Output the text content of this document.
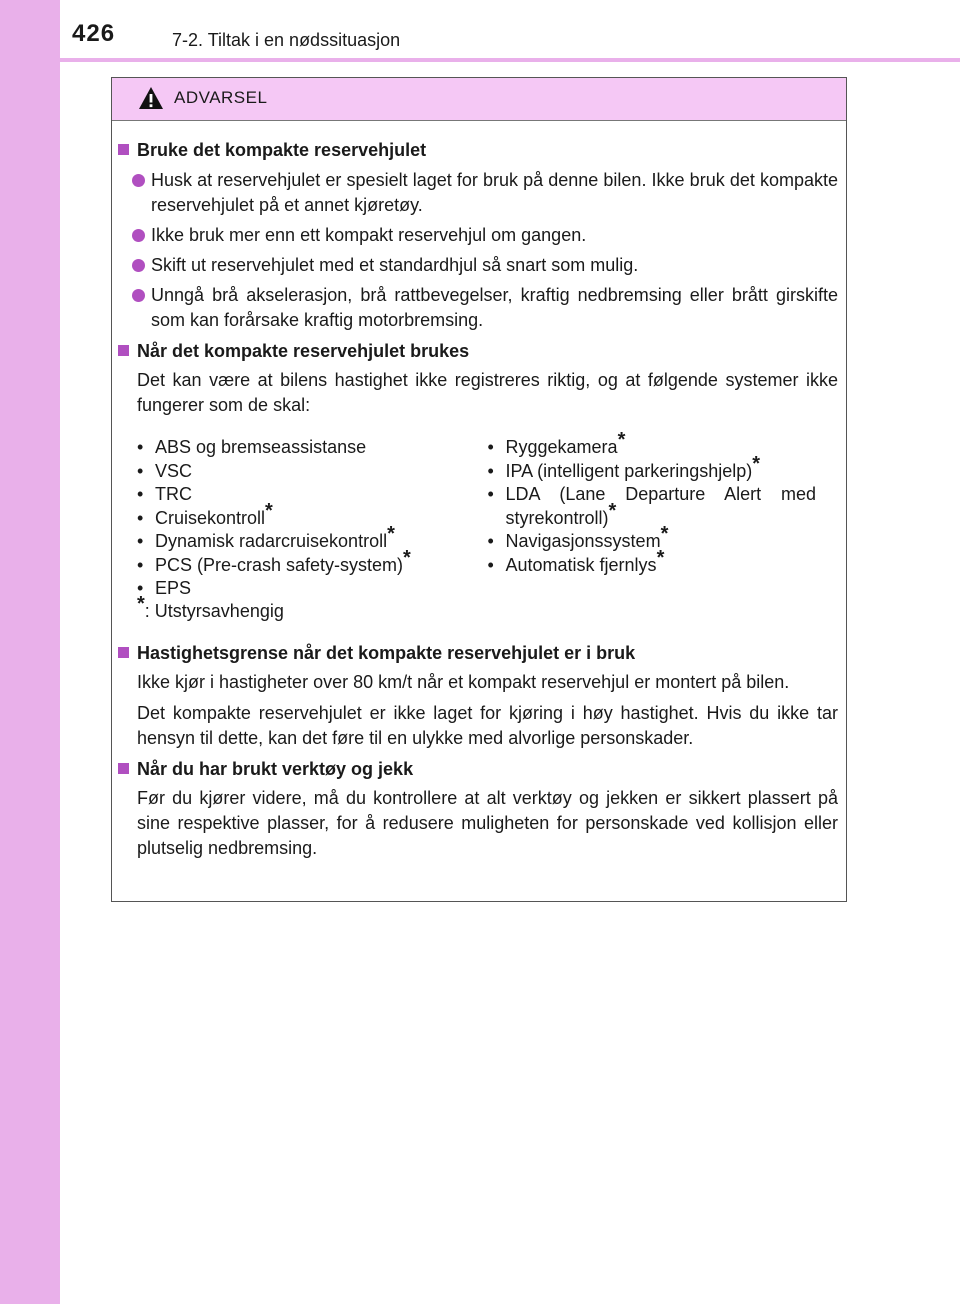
426	7-2. Tiltak i en nødssituasjon
ADVARSEL
Bruke det kompakte reservehjulet
Husk at reservehjulet er spesielt laget for bruk på denne bilen. Ikke bruk det kompakte reservehjulet på et annet kjøretøy.
Ikke bruk mer enn ett kompakt reservehjul om gangen.
Skift ut reservehjulet med et standardhjul så snart som mulig.
Unngå brå akselerasjon, brå rattbevegelser, kraftig nedbremsing eller brått girskifte som kan forårsake kraftig motorbremsing.
Når det kompakte reservehjulet brukes
Det kan være at bilens hastighet ikke registreres riktig, og at følgende systemer ikke fungerer som de skal:
• ABS og bremseassistanse
• VSC
• TRC
• Cruisekontroll*
• Dynamisk radarcruisekontroll*
• PCS (Pre-crash safety-system)*
• EPS
*: Utstyrsavhengig
• Ryggekamera*
• IPA (intelligent parkeringshjelp)*
• LDA (Lane Departure Alert med styrekontroll)*
• Navigasjonssystem*
• Automatisk fjernlys*
Hastighetsgrense når det kompakte reservehjulet er i bruk
Ikke kjør i hastigheter over 80 km/t når et kompakt reservehjul er montert på bilen.
Det kompakte reservehjulet er ikke laget for kjøring i høy hastighet. Hvis du ikke tar hensyn til dette, kan det føre til en ulykke med alvorlige personskader.
Når du har brukt verktøy og jekk
Før du kjører videre, må du kontrollere at alt verktøy og jekken er sikkert plassert på sine respektive plasser, for å redusere muligheten for personskade ved kollisjon eller plutselig nedbremsing.
